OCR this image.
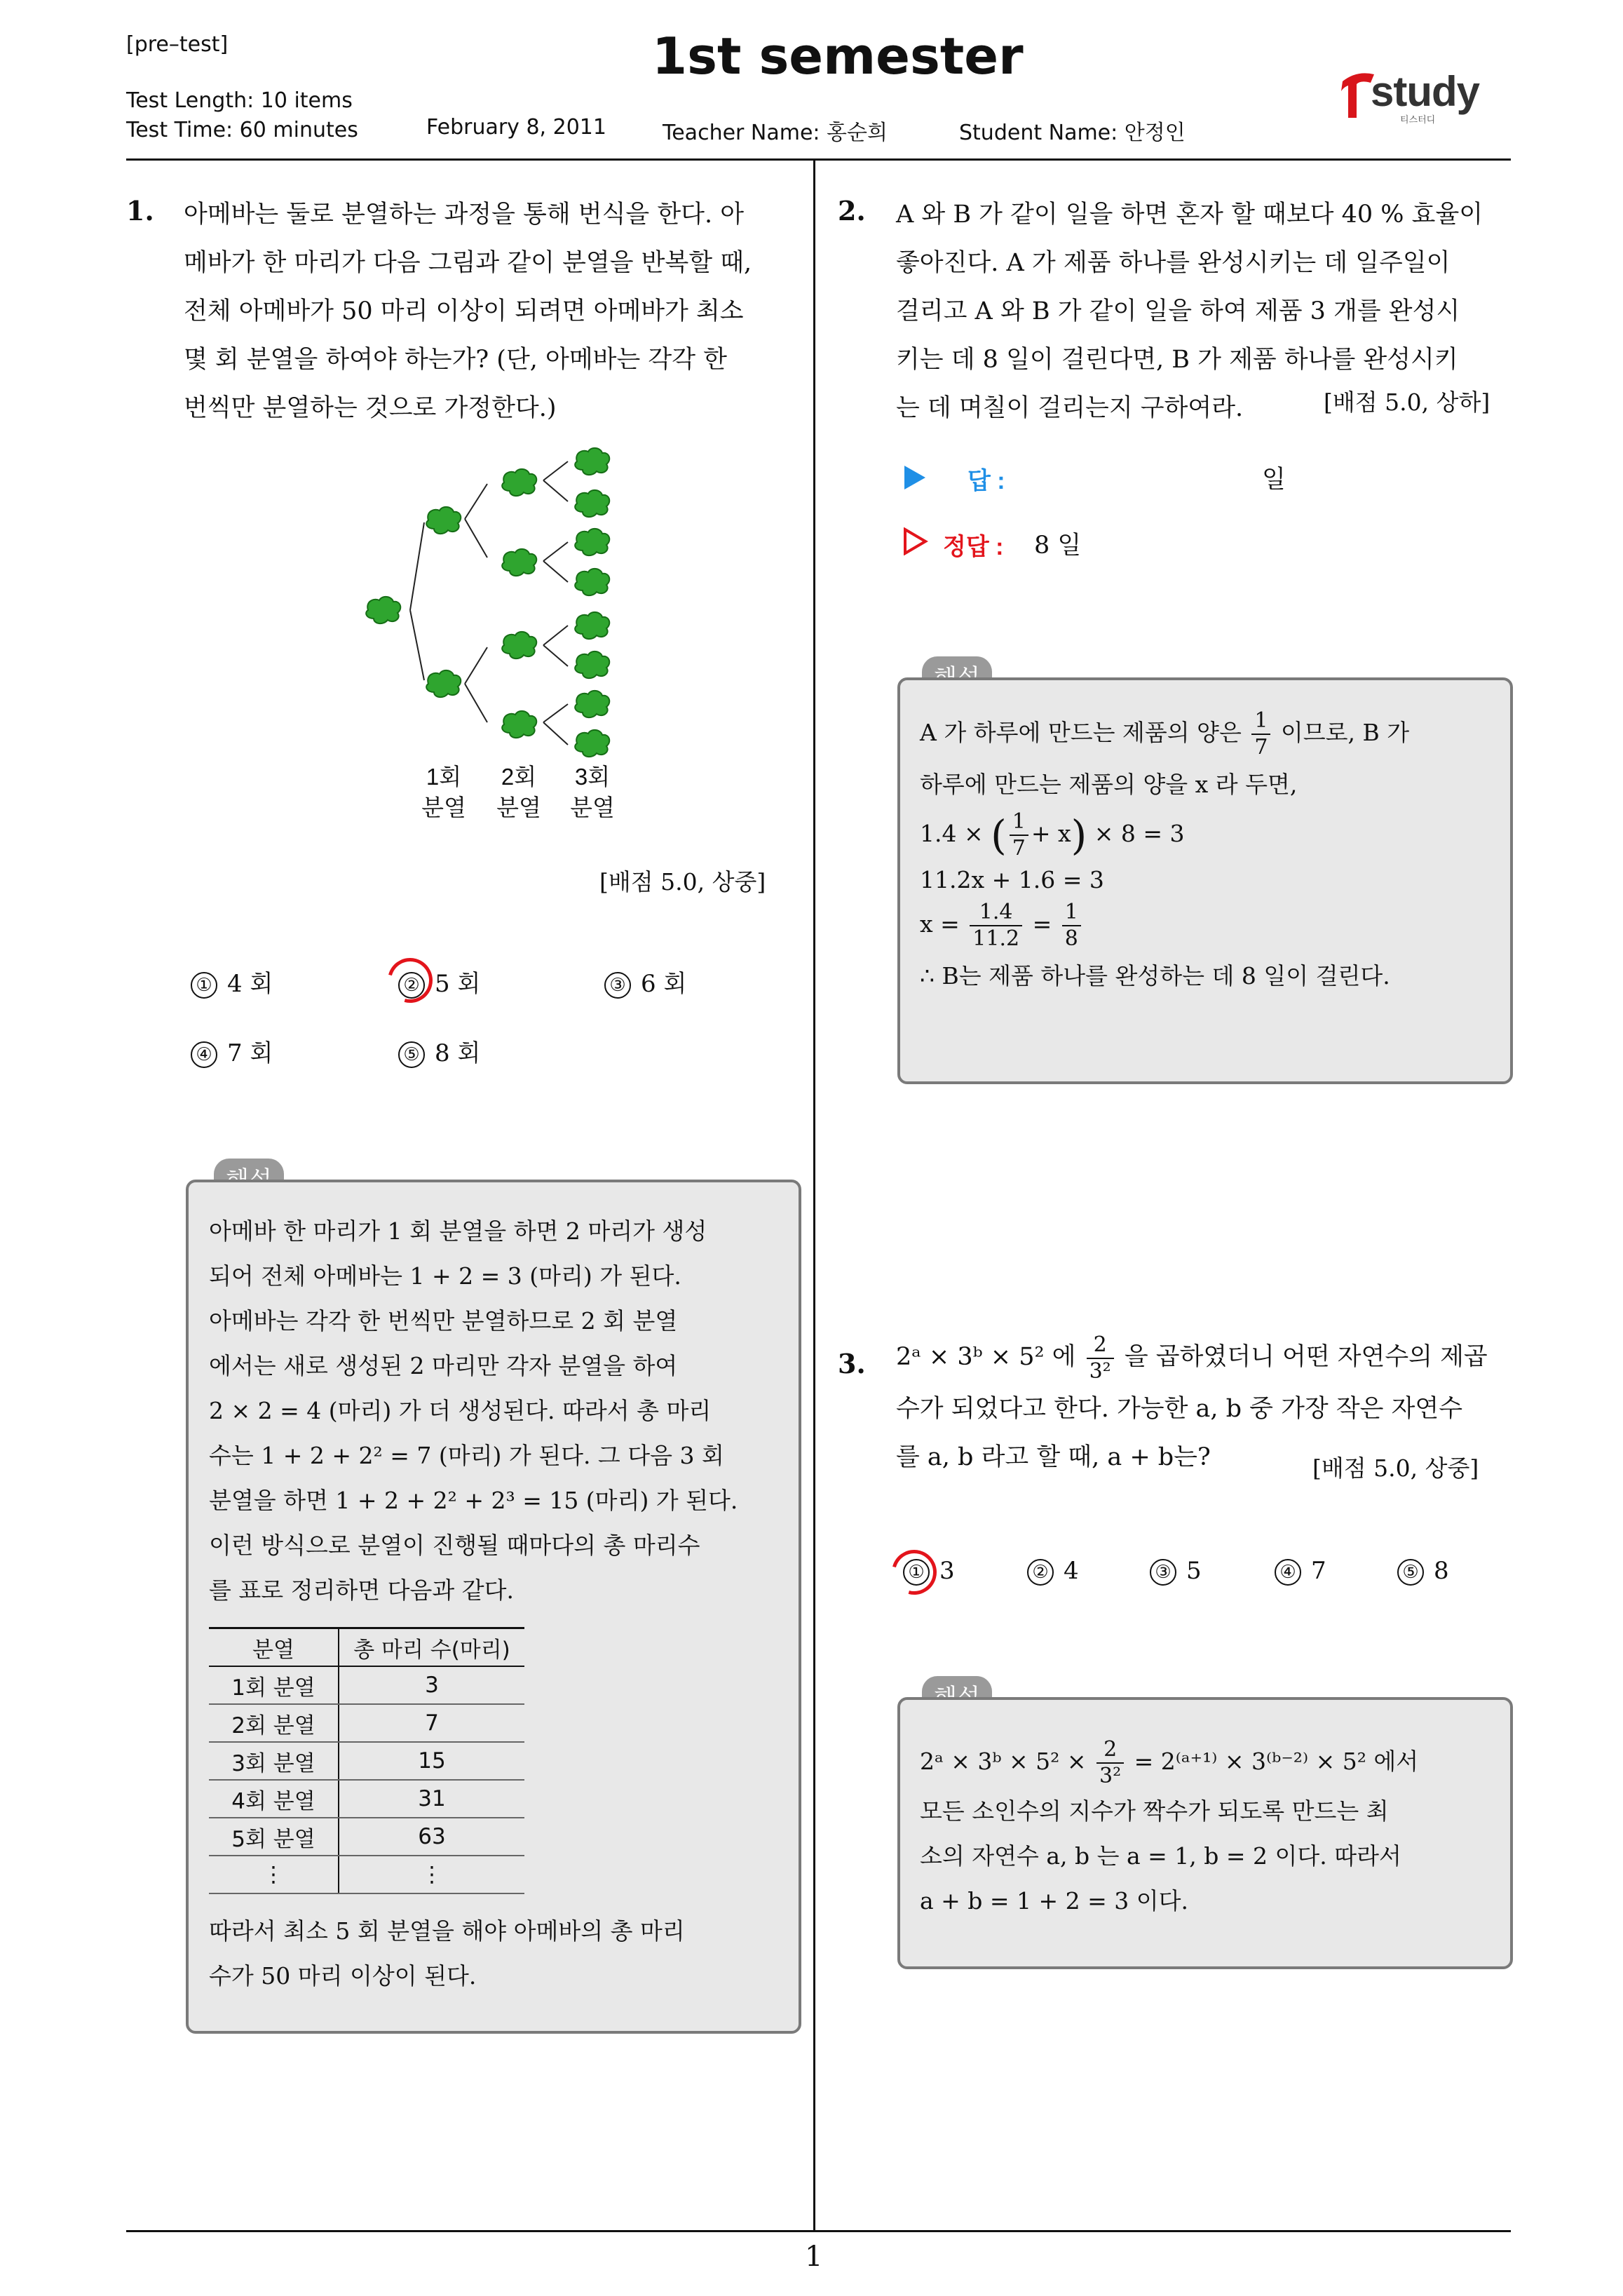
[pre–test]	1st semester
Test Length: 10 items
Test Time: 60 minutes	February 8, 2011	Teacher Name: 홍순희	Student Name: 안정인
study
티스터디
1
1. 아메바는 둘로 분열하는 과정을 통해 번식을 한다. 아
메바가 한 마리가 다음 그림과 같이 분열을 반복할 때,
전체 아메바가 50 마리 이상이 되려면 아메바가 최소
몇 회 분열을 하여야 하는가? (단, 아메바는 각각 한
번씩만 분열하는 것으로 가정한다.)
1회
분열
2회
분열
3회
분열
[배점 5.0, 상중]
① 4 회	② 5 회	③ 6 회
④ 7 회	⑤ 8 회
아메바 한 마리가 1 회 분열을 하면 2 마리가 생성
되어 전체 아메바는 1 + 2 = 3 (마리) 가 된다.
아메바는 각각 한 번씩만 분열하므로 2 회 분열
에서는 새로 생성된 2 마리만 각자 분열을 하여
2 × 2 = 4 (마리) 가 더 생성된다. 따라서 총 마리
수는 1 + 2 + 2² = 7 (마리) 가 된다. 그 다음 3 회
분열을 하면 1 + 2 + 2² + 2³ = 15 (마리) 가 된다.
이런 방식으로 분열이 진행될 때마다의 총 마리수
를 표로 정리하면 다음과 같다.
분열	총 마리 수(마리)
1회 분열	3
2회 분열	7
3회 분열	15
4회 분열	31
5회 분열	63
⋮	⋮
따라서 최소 5 회 분열을 해야 아메바의 총 마리
수가 50 마리 이상이 된다.
2. A 와 B 가 같이 일을 하면 혼자 할 때보다 40 % 효율이
좋아진다. A 가 제품 하나를 완성시키는 데 일주일이
걸리고 A 와 B 가 같이 일을 하여 제품 3 개를 완성시
키는 데 8 일이 걸린다면, B 가 제품 하나를 완성시키
는 데 며칠이 걸리는지 구하여라.	[배점 5.0, 상하]
답 :	일
정답 : 8 일
A 가 하루에 만드는 제품의 양은 $\frac{1}{7}$ 이므로, B 가
하루에 만드는 제품의 양을 x 라 두면,
1.4 × ( $\frac{1}{7} + x) \times 8 = 3$
11.2x + 1.6 = 3
$x = \frac{1.4}{11.2} = \frac{1}{8}$
∴ B는 제품 하나를 완성하는 데 8 일이 걸린다.
3. 2ᵃ × 3ᵇ × 5² 에 $\frac{2}{\text{3²}}$ 을 곱하였더니 어떤 자연수의 제곱
수가 되었다고 한다. 가능한 a, b 중 가장 작은 자연수
를 a, b 라고 할 때, a + b는?	[배점 5.0, 상중]
① 3	② 4	③ 5	④ 7	⑤ 8
2ᵃ × 3ᵇ × $5^2 \times \frac{2}{\text{3²}}$ = 2⁽ᵃ⁺¹⁾ × 3⁽ᵇ⁻²⁾ × 5² 에서
모든 소인수의 지수가 짝수가 되도록 만드는 최
소의 자연수 a, b 는 a = 1, b = 2 이다. 따라서
a + b = 1 + 2 = 3 이다.
